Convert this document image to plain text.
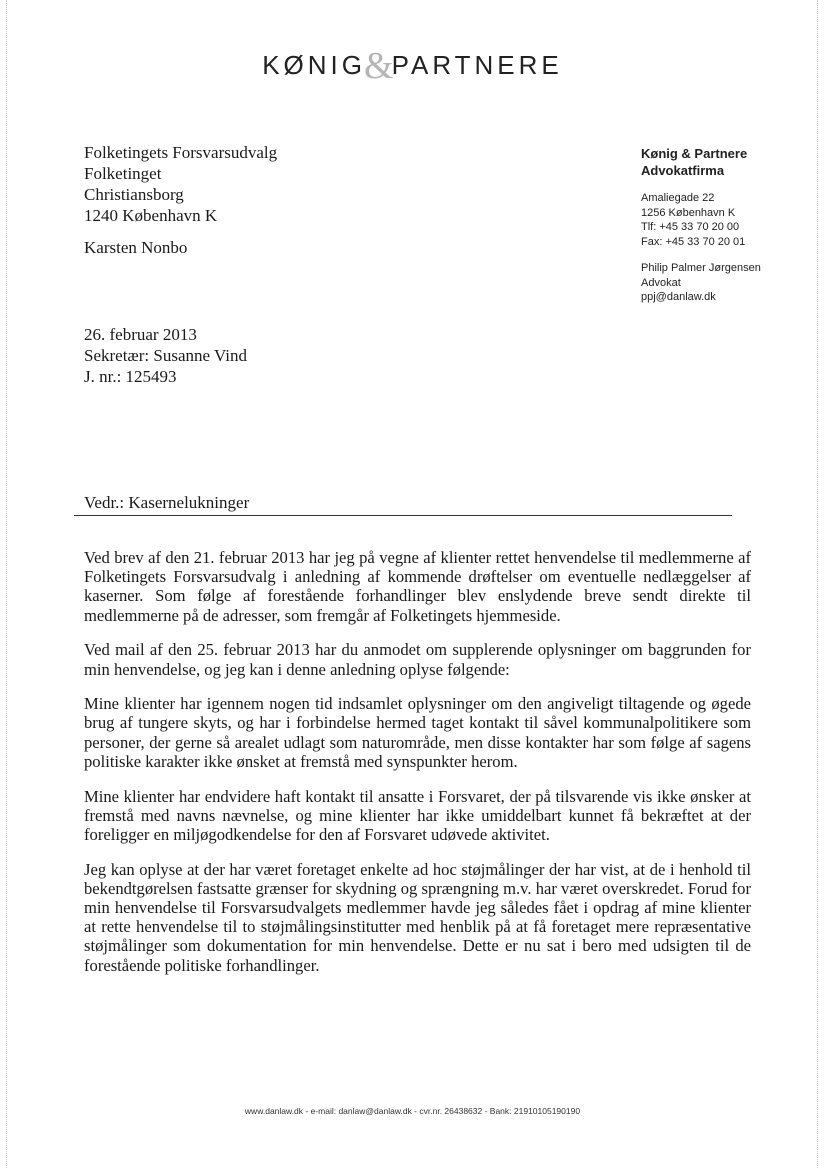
KØNIG&PARTNERE
Folketingets Forsvarsudvalg
Folketinget
Christiansborg
1240 København K
Karsten Nonbo
Kønig & Partnere
Advokatfirma
Amaliegade 22
1256 København K
Tlf: +45 33 70 20 00
Fax: +45 33 70 20 01
Philip Palmer Jørgensen
Advokat
ppj@danlaw.dk
26. februar 2013
Sekretær: Susanne Vind
J. nr.: 125493
Vedr.: Kasernelukninger

Ved brev af den 21. februar 2013 har jeg på vegne af klienter rettet henvendelse til medlemmerne af Folketingets Forsvarsudvalg i anledning af kommende drøftelser om eventuelle nedlæggelser af kaserner. Som følge af forestående forhandlinger blev enslydende breve sendt direkte til medlemmerne på de adresser, som fremgår af Folketingets hjemmeside.

Ved mail af den 25. februar 2013 har du anmodet om supplerende oplysninger om baggrunden for min henvendelse, og jeg kan i denne anledning oplyse følgende:

Mine klienter har igennem nogen tid indsamlet oplysninger om den angiveligt tiltagende og øgede brug af tungere skyts, og har i forbindelse hermed taget kontakt til såvel kommunalpolitikere som personer, der gerne så arealet udlagt som naturområde, men disse kontakter har som følge af sagens politiske karakter ikke ønsket at fremstå med synspunkter herom.

Mine klienter har endvidere haft kontakt til ansatte i Forsvaret, der på tilsvarende vis ikke ønsker at fremstå med navns nævnelse, og mine klienter har ikke umiddelbart kunnet få bekræftet at der foreligger en miljøgodkendelse for den af Forsvaret udøvede aktivitet.

Jeg kan oplyse at der har været foretaget enkelte ad hoc støjmålinger der har vist, at de i henhold til bekendtgørelsen fastsatte grænser for skydning og sprængning m.v. har været overskredet. Forud for min henvendelse til Forsvarsudvalgets medlemmer havde jeg således fået i opdrag af mine klienter at rette henvendelse til to støjmålingsinstitutter med henblik på at få foretaget mere repræsentative støjmålinger som dokumentation for min henvendelse. Dette er nu sat i bero med udsigten til de forestående politiske forhandlinger.

www.danlaw.dk - e-mail: danlaw@danlaw.dk - cvr.nr. 26438632 - Bank: 21910105190190
